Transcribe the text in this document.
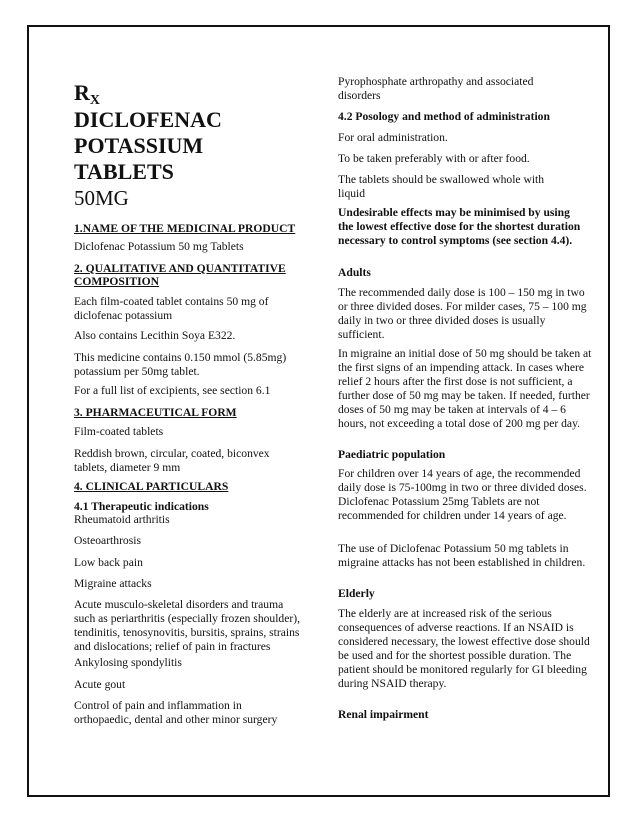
$R_X$
DICLOFENAC
POTASSIUM
TABLETS
50MG

1.NAME OF THE MEDICINAL PRODUCT

Diclofenac Potassium 50 mg Tablets

2. QUALITATIVE AND QUANTITATIVE COMPOSITION

Each film-coated tablet contains 50 mg of diclofenac potassium

Also contains Lecithin Soya E322.

This medicine contains 0.150 mmol (5.85mg) potassium per 50mg tablet.

For a full list of excipients, see section 6.1

3. PHARMACEUTICAL FORM

Film-coated tablets

Reddish brown, circular, coated, biconvex tablets, diameter 9 mm

4. CLINICAL PARTICULARS

4.1 Therapeutic indications

Rheumatoid arthritis

Osteoarthrosis

Low back pain

Migraine attacks

Acute musculo-skeletal disorders and trauma such as periarthritis (especially frozen shoulder), tendinitis, tenosynovitis, bursitis, sprains, strains and dislocations; relief of pain in fractures

Ankylosing spondylitis

Acute gout

Control of pain and inflammation in orthopaedic, dental and other minor surgery

Pyrophosphate arthropathy and associated disorders

4.2 Posology and method of administration

For oral administration.

To be taken preferably with or after food.

The tablets should be swallowed whole with liquid

Undesirable effects may be minimised by using the lowest effective dose for the shortest duration necessary to control symptoms (see section 4.4).

Adults

The recommended daily dose is 100 – 150 mg in two or three divided doses. For milder cases, 75 – 100 mg daily in two or three divided doses is usually sufficient.

In migraine an initial dose of 50 mg should be taken at the first signs of an impending attack. In cases where relief 2 hours after the first dose is not sufficient, a further dose of 50 mg may be taken. If needed, further doses of 50 mg may be taken at intervals of 4 – 6 hours, not exceeding a total dose of 200 mg per day.

Paediatric population

For children over 14 years of age, the recommended daily dose is 75-100mg in two or three divided doses. Diclofenac Potassium 25mg Tablets are not recommended for children under 14 years of age.

The use of Diclofenac Potassium 50 mg tablets in migraine attacks has not been established in children.

Elderly

The elderly are at increased risk of the serious consequences of adverse reactions. If an NSAID is considered necessary, the lowest effective dose should be used and for the shortest possible duration. The patient should be monitored regularly for GI bleeding during NSAID therapy.

Renal impairment
